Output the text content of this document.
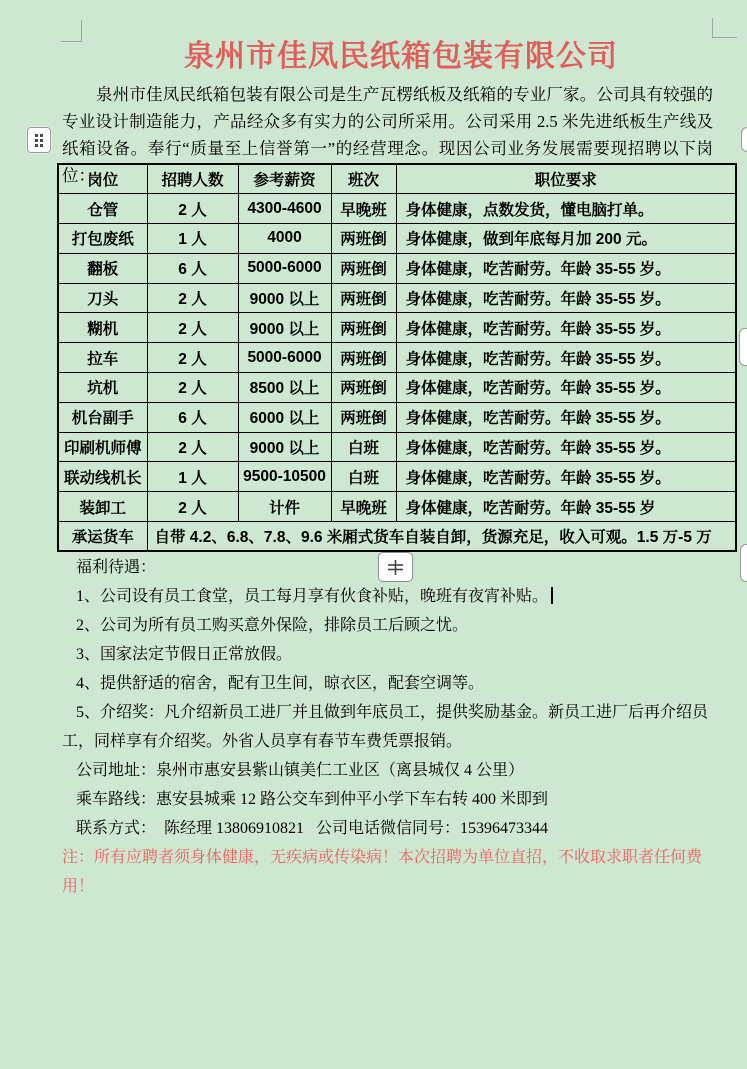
泉州市佳凤民纸箱包装有限公司

泉州市佳凤民纸箱包装有限公司是生产瓦楞纸板及纸箱的专业厂家。公司具有较强的专业设计制造能力，产品经众多有实力的公司所采用。公司采用 2.5 米先进纸板生产线及纸箱设备。奉行“质量至上信誉第一”的经营理念。现因公司业务发展需要现招聘以下岗位：

岗位	招聘人数	参考薪资	班次	职位要求
仓管	2 人	4300-4600	早晚班	身体健康，点数发货，懂电脑打单。
打包废纸	1 人	4000	两班倒	身体健康，做到年底每月加 200 元。
翻板	6 人	5000-6000	两班倒	身体健康，吃苦耐劳。年龄 35-55 岁。
刀头	2 人	9000 以上	两班倒	身体健康，吃苦耐劳。年龄 35-55 岁。
糊机	2 人	9000 以上	两班倒	身体健康，吃苦耐劳。年龄 35-55 岁。
拉车	2 人	5000-6000	两班倒	身体健康，吃苦耐劳。年龄 35-55 岁。
坑机	2 人	8500 以上	两班倒	身体健康，吃苦耐劳。年龄 35-55 岁。
机台副手	6 人	6000 以上	两班倒	身体健康，吃苦耐劳。年龄 35-55 岁。
印刷机师傅	2 人	9000 以上	白班	身体健康，吃苦耐劳。年龄 35-55 岁。
联动线机长	1 人	9500-10500	白班	身体健康，吃苦耐劳。年龄 35-55 岁。
装卸工	2 人	计件	早晚班	身体健康，吃苦耐劳。年龄 35-55 岁
承运货车	自带 4.2、6.8、7.8、9.6 米厢式货车自装自卸，货源充足，收入可观。1.5 万-5 万			

福利待遇：

1、公司设有员工食堂，员工每月享有伙食补贴，晚班有夜宵补贴。

2、公司为所有员工购买意外保险，排除员工后顾之忧。

3、国家法定节假日正常放假。

4、提供舒适的宿舍，配有卫生间，晾衣区，配套空调等。

5、介绍奖：凡介绍新员工进厂并且做到年底员工，提供奖励基金。新员工进厂后再介绍员工，同样享有介绍奖。外省人员享有春节车费凭票报销。

公司地址：泉州市惠安县紫山镇美仁工业区（离县城仅 4 公里）

乘车路线：惠安县城乘 12 路公交车到仲平小学下车右转 400 米即到

联系方式：  陈经理 13806910821   公司电话微信同号：15396473344

注：所有应聘者须身体健康，无疾病或传染病！本次招聘为单位直招，不收取求职者任何费用！
